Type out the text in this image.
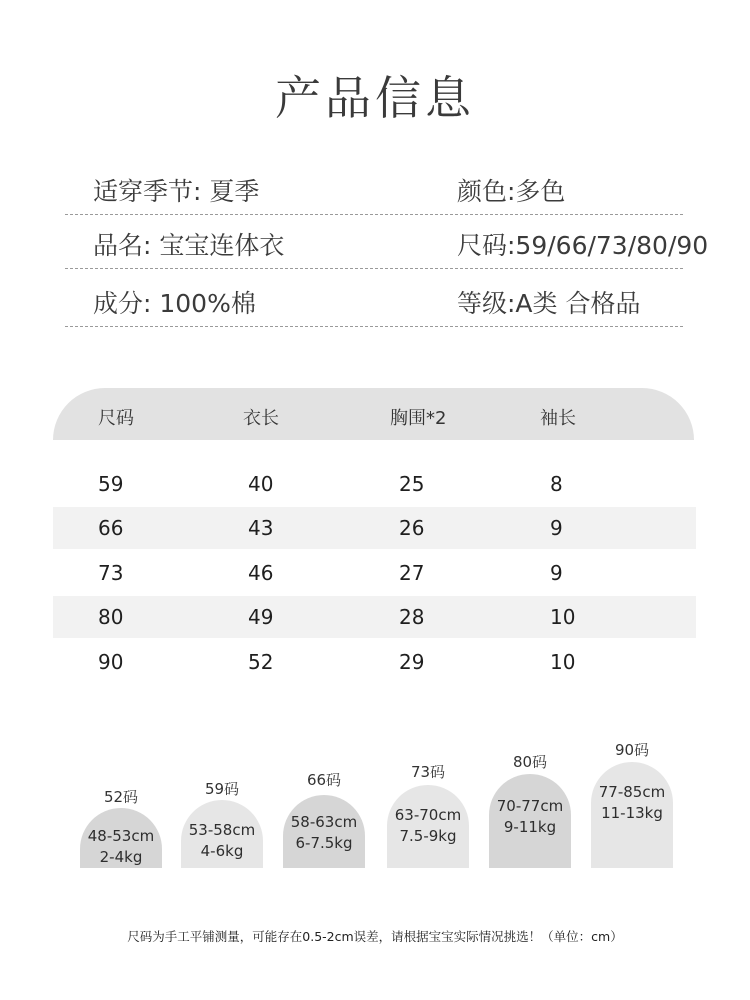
产品信息
适穿季节: 夏季	颜色:多色
品名: 宝宝连体衣	尺码:59/66/73/80/90
成分: 100%棉	等级:A类 合格品
尺码	衣长	胸围*2	袖长
59	40	25	8
66	43	26	9
73	46	27	9
80	49	28	10
90	52	29	10
52码
48-53cm
2-4kg
59码
53-58cm
4-6kg
66码
58-63cm
6-7.5kg
73码
63-70cm
7.5-9kg
80码
70-77cm
9-11kg
90码
77-85cm
11-13kg
尺码为手工平铺测量，可能存在0.5-2cm误差，请根据宝宝实际情况挑选！（单位：cm）
